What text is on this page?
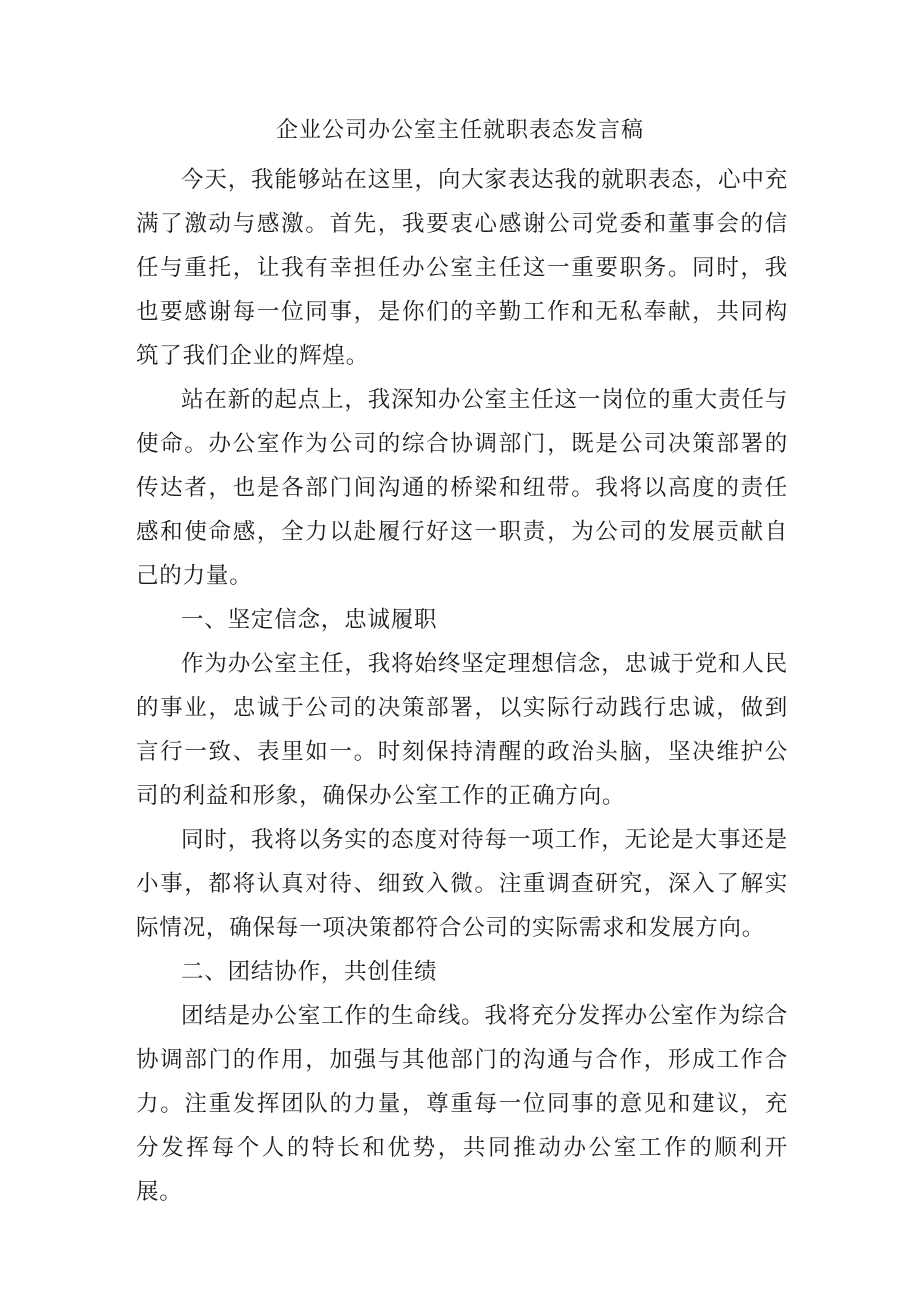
企业公司办公室主任就职表态发言稿

今天，我能够站在这里，向大家表达我的就职表态，心中充满了激动与感激。首先，我要衷心感谢公司党委和董事会的信任与重托，让我有幸担任办公室主任这一重要职务。同时，我也要感谢每一位同事，是你们的辛勤工作和无私奉献，共同构筑了我们企业的辉煌。

站在新的起点上，我深知办公室主任这一岗位的重大责任与使命。办公室作为公司的综合协调部门，既是公司决策部署的传达者，也是各部门间沟通的桥梁和纽带。我将以高度的责任感和使命感，全力以赴履行好这一职责，为公司的发展贡献自己的力量。

一、坚定信念，忠诚履职

作为办公室主任，我将始终坚定理想信念，忠诚于党和人民的事业，忠诚于公司的决策部署，以实际行动践行忠诚，做到言行一致、表里如一。时刻保持清醒的政治头脑，坚决维护公司的利益和形象，确保办公室工作的正确方向。

同时，我将以务实的态度对待每一项工作，无论是大事还是小事，都将认真对待、细致入微。注重调查研究，深入了解实际情况，确保每一项决策都符合公司的实际需求和发展方向。

二、团结协作，共创佳绩

团结是办公室工作的生命线。我将充分发挥办公室作为综合协调部门的作用，加强与其他部门的沟通与合作，形成工作合力。注重发挥团队的力量，尊重每一位同事的意见和建议，充分发挥每个人的特长和优势，共同推动办公室工作的顺利开展。
